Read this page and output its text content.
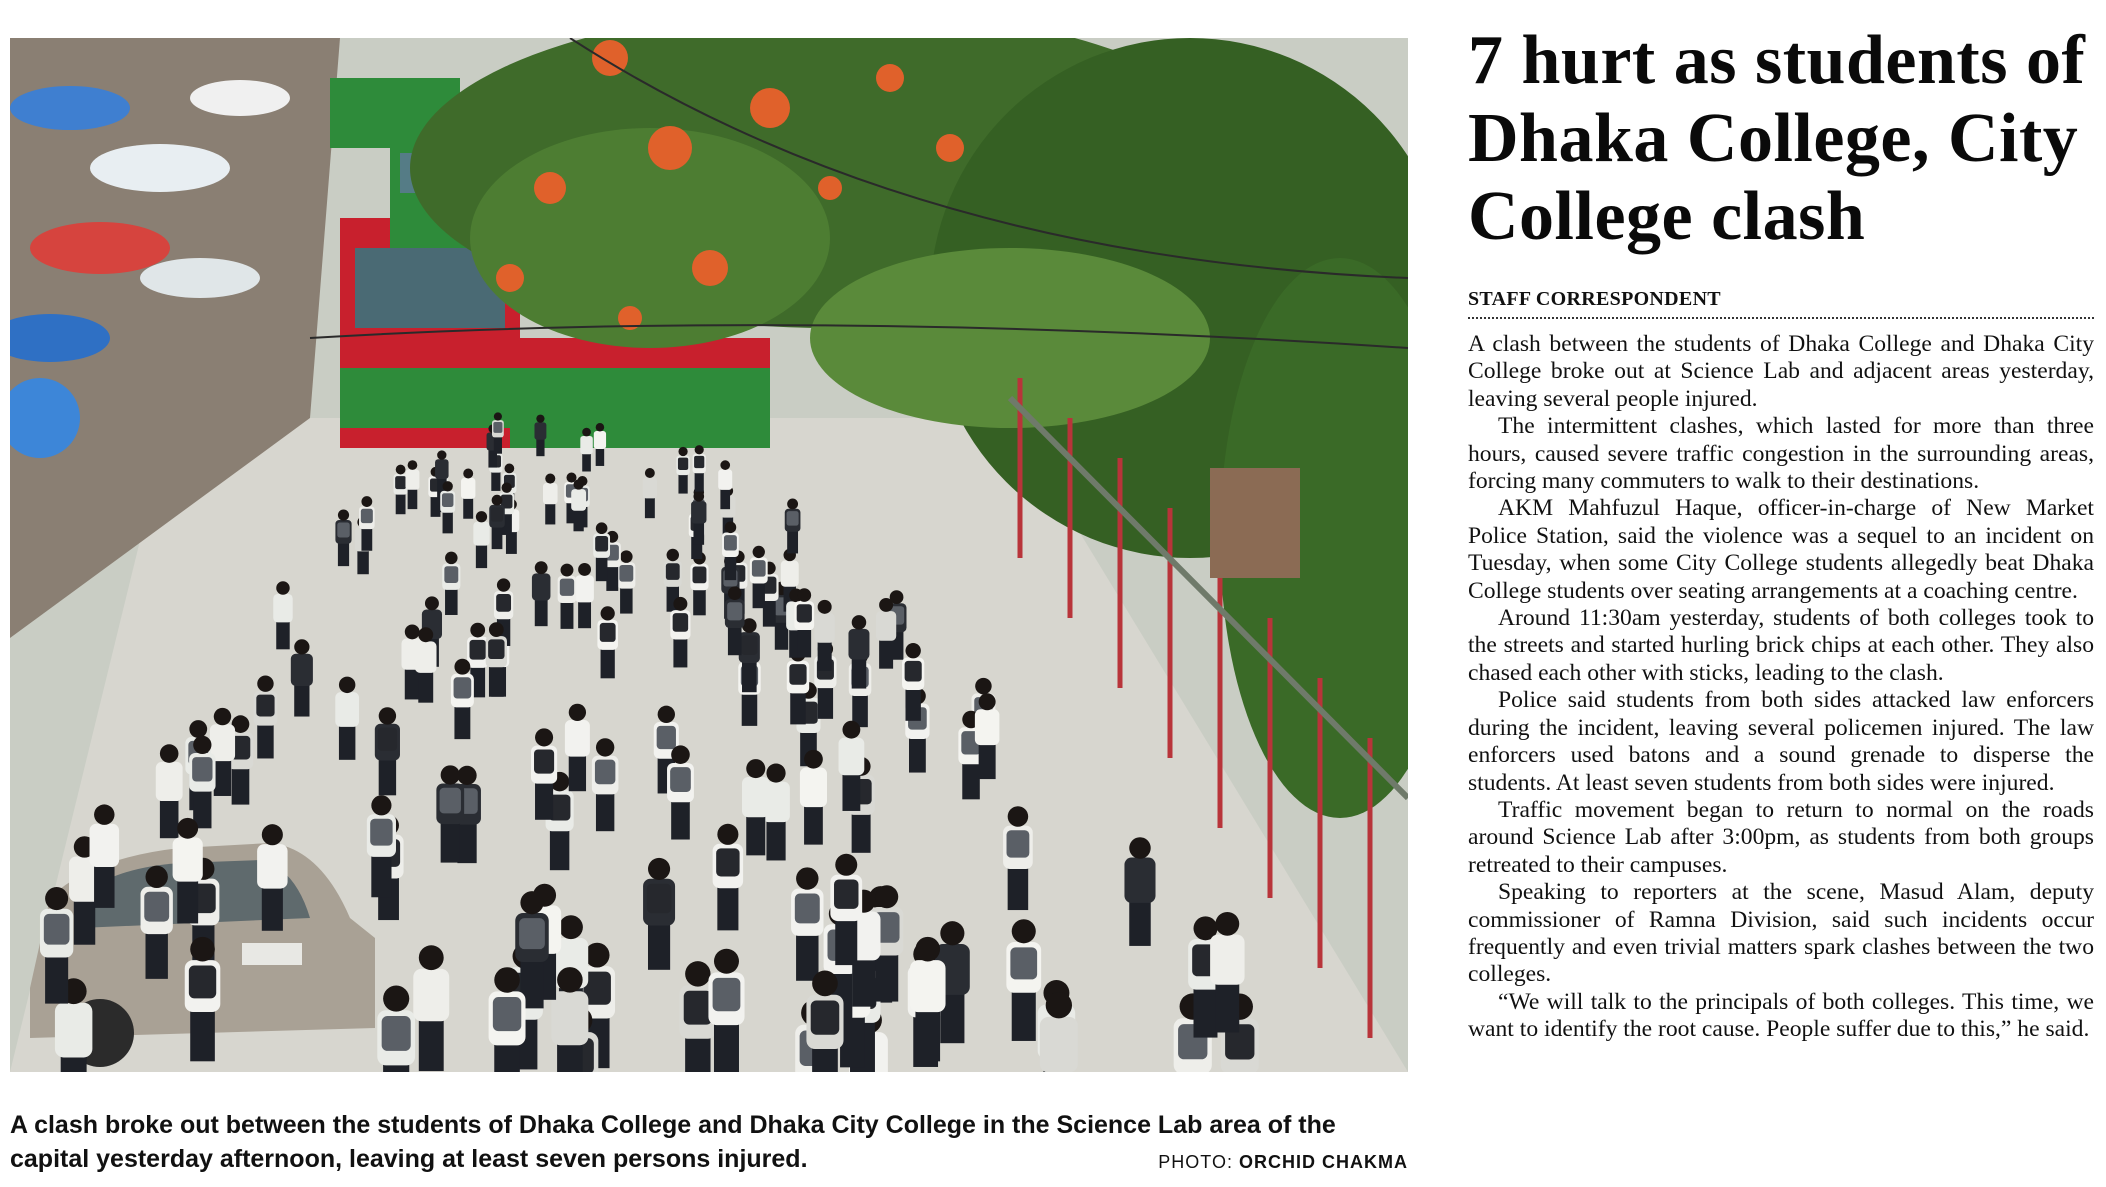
A clash broke out between the students of Dhaka College and Dhaka City College in the Science Lab area of the capital yesterday afternoon, leaving at least seven persons injured.	PHOTO: ORCHID CHAKMA
7 hurt as students of Dhaka College, City College clash
STAFF CORRESPONDENT

A clash between the students of Dhaka College and Dhaka City College broke out at Science Lab and adjacent areas yesterday, leaving several people injured.

The intermittent clashes, which lasted for more than three hours, caused severe traffic congestion in the surrounding areas, forcing many commuters to walk to their destinations.

AKM Mahfuzul Haque, officer-in-charge of New Market Police Station, said the violence was a sequel to an incident on Tuesday, when some City College students allegedly beat Dhaka College students over seating arrangements at a coaching centre.

Around 11:30am yesterday, students of both colleges took to the streets and started hurling brick chips at each other. They also chased each other with sticks, leading to the clash.

Police said students from both sides attacked law enforcers during the incident, leaving several policemen injured. The law enforcers used batons and a sound grenade to disperse the students. At least seven students from both sides were injured.

Traffic movement began to return to normal on the roads around Science Lab after 3:00pm, as students from both groups retreated to their campuses.

Speaking to reporters at the scene, Masud Alam, deputy commissioner of Ramna Division, said such incidents occur frequently and even trivial matters spark clashes between the two colleges.

“We will talk to the principals of both colleges. This time, we want to identify the root cause. People suffer due to this,” he said.
